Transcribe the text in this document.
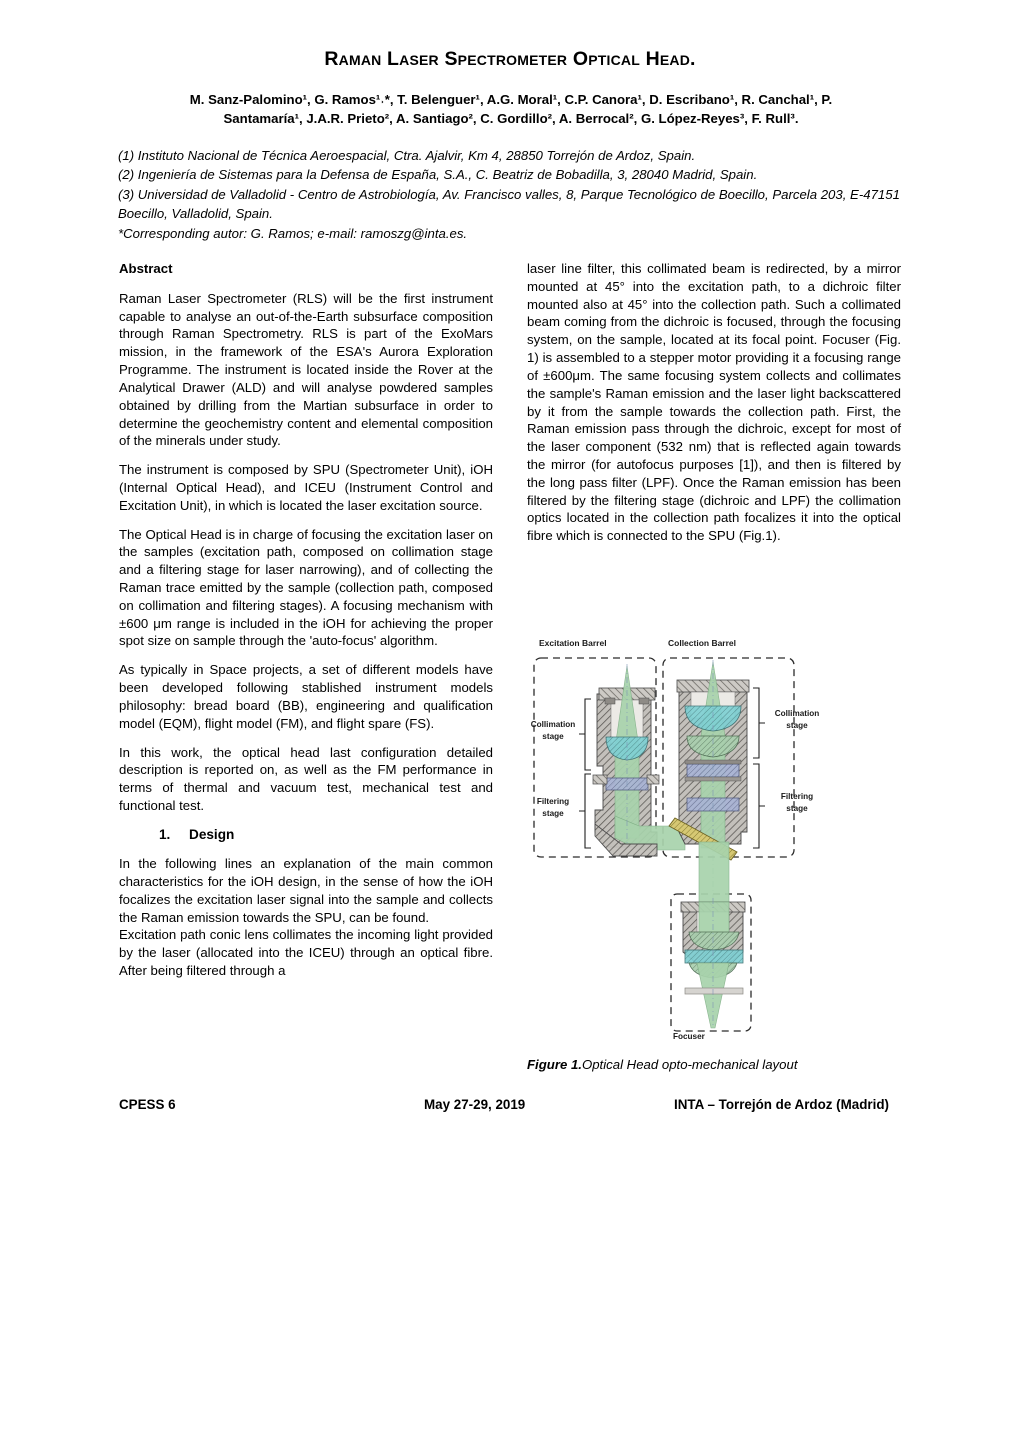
Raman Laser Spectrometer Optical Head.
M. Sanz-Palomino¹, G. Ramos¹˒*, T. Belenguer¹, A.G. Moral¹, C.P. Canora¹, D. Escribano¹, R. Canchal¹, P.
Santamaría¹, J.A.R. Prieto², A. Santiago², C. Gordillo², A. Berrocal², G. López-Reyes³, F. Rull³.
(1) Instituto Nacional de Técnica Aeroespacial, Ctra. Ajalvir, Km 4, 28850 Torrejón de Ardoz, Spain.
(2) Ingeniería de Sistemas para la Defensa de España, S.A., C. Beatriz de Bobadilla, 3, 28040 Madrid, Spain.
(3) Universidad de Valladolid - Centro de Astrobiología, Av. Francisco valles, 8, Parque Tecnológico de Boecillo, Parcela 203, E-47151 Boecillo, Valladolid, Spain.
*Corresponding autor: G. Ramos; e-mail: ramoszg@inta.es.
Abstract

Raman Laser Spectrometer (RLS) will be the first instrument capable to analyse an out-of-the-Earth subsurface composition through Raman Spectrometry. RLS is part of the ExoMars mission, in the framework of the ESA's Aurora Exploration Programme. The instrument is located inside the Rover at the Analytical Drawer (ALD) and will analyse powdered samples obtained by drilling from the Martian subsurface in order to determine the geochemistry content and elemental composition of the minerals under study.

The instrument is composed by SPU (Spectrometer Unit), iOH (Internal Optical Head), and ICEU (Instrument Control and Excitation Unit), in which is located the laser excitation source.

The Optical Head is in charge of focusing the excitation laser on the samples (excitation path, composed on collimation stage and a filtering stage for laser narrowing), and of collecting the Raman trace emitted by the sample (collection path, composed on collimation and filtering stages). A focusing mechanism with ±600 μm range is included in the iOH for achieving the proper spot size on sample through the 'auto-focus' algorithm.

As typically in Space projects, a set of different models have been developed following stablished instrument models philosophy: bread board (BB), engineering and qualification model (EQM), flight model (FM), and flight spare (FS).

In this work, the optical head last configuration detailed description is reported on, as well as the FM performance in terms of thermal and vacuum test, mechanical test and functional test.

1. Design

In the following lines an explanation of the main common characteristics for the iOH design, in the sense of how the iOH focalizes the excitation laser signal into the sample and collects the Raman emission towards the SPU, can be found.

Excitation path conic lens collimates the incoming light provided by the laser (allocated into the ICEU) through an optical fibre. After being filtered through a

laser line filter, this collimated beam is redirected, by a mirror mounted at 45° into the excitation path, to a dichroic filter mounted also at 45° into the collection path. Such a collimated beam coming from the dichroic is focused, through the focusing system, on the sample, located at its focal point. Focuser (Fig. 1) is assembled to a stepper motor providing it a focusing range of ±600μm. The same focusing system collects and collimates the sample's Raman emission and the laser light backscattered by it from the sample towards the collection path. First, the Raman emission pass through the dichroic, except for most of the laser component (532 nm) that is reflected again towards the mirror (for autofocus purposes [1]), and then is filtered by the long pass filter (LPF). Once the Raman emission has been filtered by the filtering stage (dichroic and LPF) the collimation optics located in the collection path focalizes it into the optical fibre which is connected to the SPU (Fig.1).

Excitation Barrel	Collection Barrel
Collimation
stage
Filtering
stage
Collimation
stage
Filtering
stage
Focuser
Figure 1.Optical Head opto-mechanical layout
CPESS 6	May 27-29, 2019	INTA – Torrejón de Ardoz (Madrid)
